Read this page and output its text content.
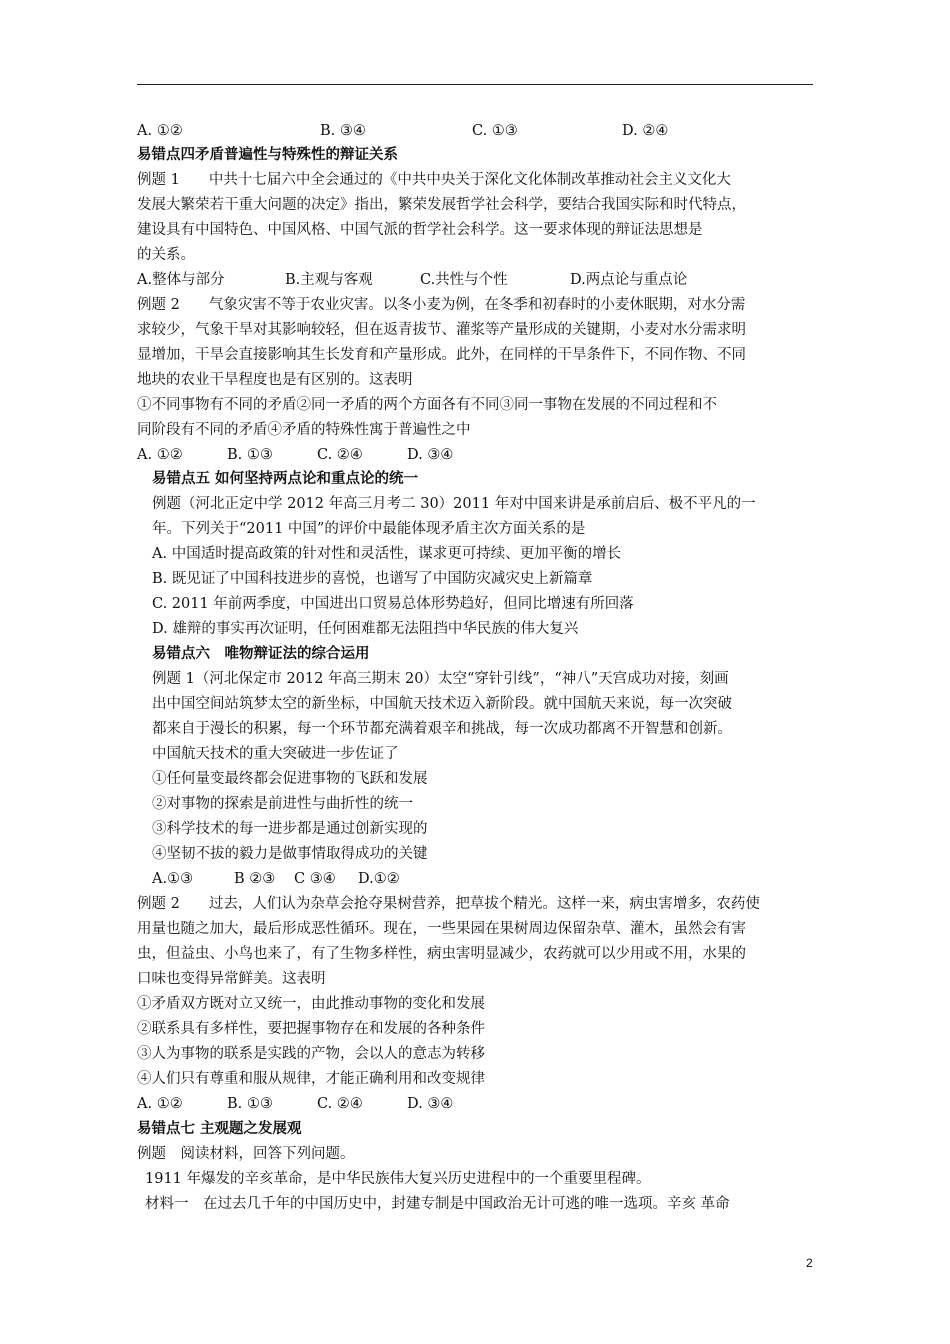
A. ①②	B. ③④	C. ①③	D. ②④
易错点四矛盾普遍性与特殊性的辩证关系
例题 1　　中共十七届六中全会通过的《中共中央关于深化文化体制改革推动社会主义文化大
发展大繁荣若干重大问题的决定》指出，繁荣发展哲学社会科学，要结合我国实际和时代特点，
建设具有中国特色、中国风格、中国气派的哲学社会科学。这一要求体现的辩证法思想是
的关系。
A.整体与部分	B.主观与客观	C.共性与个性	D.两点论与重点论
例题 2　　气象灾害不等于农业灾害。以冬小麦为例，在冬季和初春时的小麦休眠期，对水分需
求较少，气象干旱对其影响较轻，但在返青拔节、灌浆等产量形成的关键期，小麦对水分需求明
显增加，干旱会直接影响其生长发育和产量形成。此外，在同样的干旱条件下，不同作物、不同
地块的农业干旱程度也是有区别的。这表明
①不同事物有不同的矛盾②同一矛盾的两个方面各有不同③同一事物在发展的不同过程和不
同阶段有不同的矛盾④矛盾的特殊性寓于普遍性之中
A. ①②	B. ①③	C. ②④	D. ③④
易错点五 如何坚持两点论和重点论的统一
例题（河北正定中学 2012 年高三月考二 30）2011 年对中国来讲是承前启后、极不平凡的一
年。下列关于“2011 中国”的评价中最能体现矛盾主次方面关系的是
A. 中国适时提高政策的针对性和灵活性，谋求更可持续、更加平衡的增长
B. 既见证了中国科技进步的喜悦，也谱写了中国防灾减灾史上新篇章
C. 2011 年前两季度，中国进出口贸易总体形势趋好，但同比增速有所回落
D. 雄辩的事实再次证明，任何困难都无法阻挡中华民族的伟大复兴
易错点六　唯物辩证法的综合运用
例题 1（河北保定市 2012 年高三期末 20）太空“穿针引线”，“神八”天宫成功对接，刻画
出中国空间站筑梦太空的新坐标，中国航天技术迈入新阶段。就中国航天来说，每一次突破
都来自于漫长的积累，每一个环节都充满着艰辛和挑战，每一次成功都离不开智慧和创新。
中国航天技术的重大突破进一步佐证了
①任何量变最终都会促进事物的飞跃和发展
②对事物的探索是前进性与曲折性的统一
③科学技术的每一进步都是通过创新实现的
④坚韧不拔的毅力是做事情取得成功的关键
A.①③	B ②③ C ③④ D.①②
例题 2　　过去，人们认为杂草会抢夺果树营养，把草拔个精光。这样一来，病虫害增多，农药使
用量也随之加大，最后形成恶性循环。现在，一些果园在果树周边保留杂草、灌木，虽然会有害
虫，但益虫、小鸟也来了，有了生物多样性，病虫害明显减少，农药就可以少用或不用，水果的
口味也变得异常鲜美。这表明
①矛盾双方既对立又统一，由此推动事物的变化和发展
②联系具有多样性，要把握事物存在和发展的各种条件
③人为事物的联系是实践的产物，会以人的意志为转移
④人们只有尊重和服从规律，才能正确利用和改变规律
A. ①②	B. ①③	C. ②④	D. ③④
易错点七 主观题之发展观
例题　阅读材料，回答下列问题。
1911 年爆发的辛亥革命，是中华民族伟大复兴历史进程中的一个重要里程碑。
材料一　在过去几千年的中国历史中，封建专制是中国政治无计可逃的唯一选项。辛亥 革命
2
